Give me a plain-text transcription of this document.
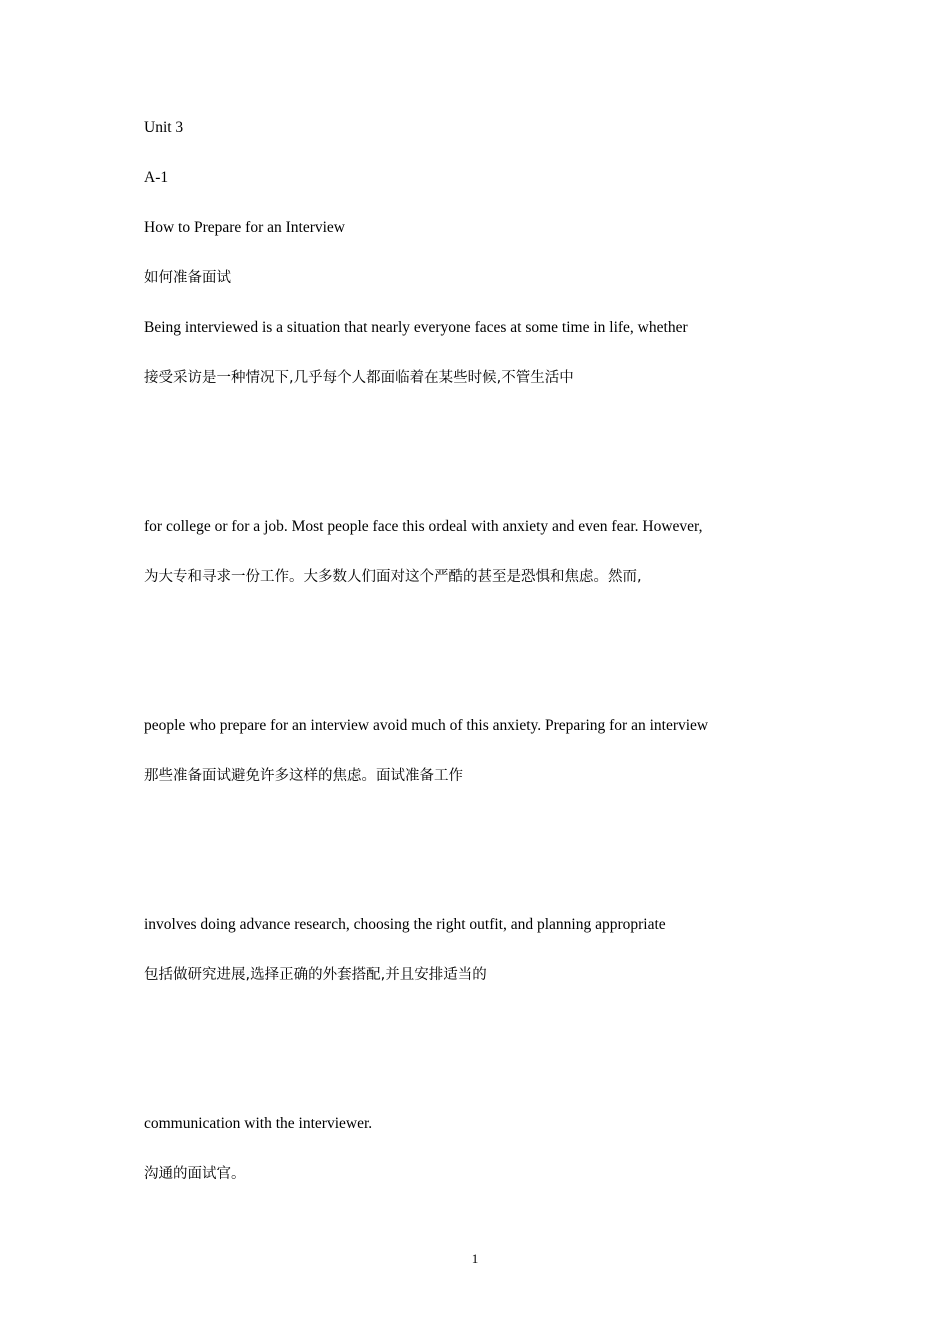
Unit 3
A-1
How to Prepare for an Interview
如何准备面试
Being interviewed is a situation that nearly everyone faces at some time in life, whether
接受采访是一种情况下,几乎每个人都面临着在某些时候,不管生活中
for college or for a job. Most people face this ordeal with anxiety and even fear. However,
为大专和寻求一份工作。大多数人们面对这个严酷的甚至是恐惧和焦虑。然而,
people who prepare for an interview avoid much of this anxiety. Preparing for an interview
那些准备面试避免许多这样的焦虑。面试准备工作
involves doing advance research, choosing the right outfit, and planning appropriate
包括做研究进展,选择正确的外套搭配,并且安排适当的
communication with the interviewer.
沟通的面试官。
1
